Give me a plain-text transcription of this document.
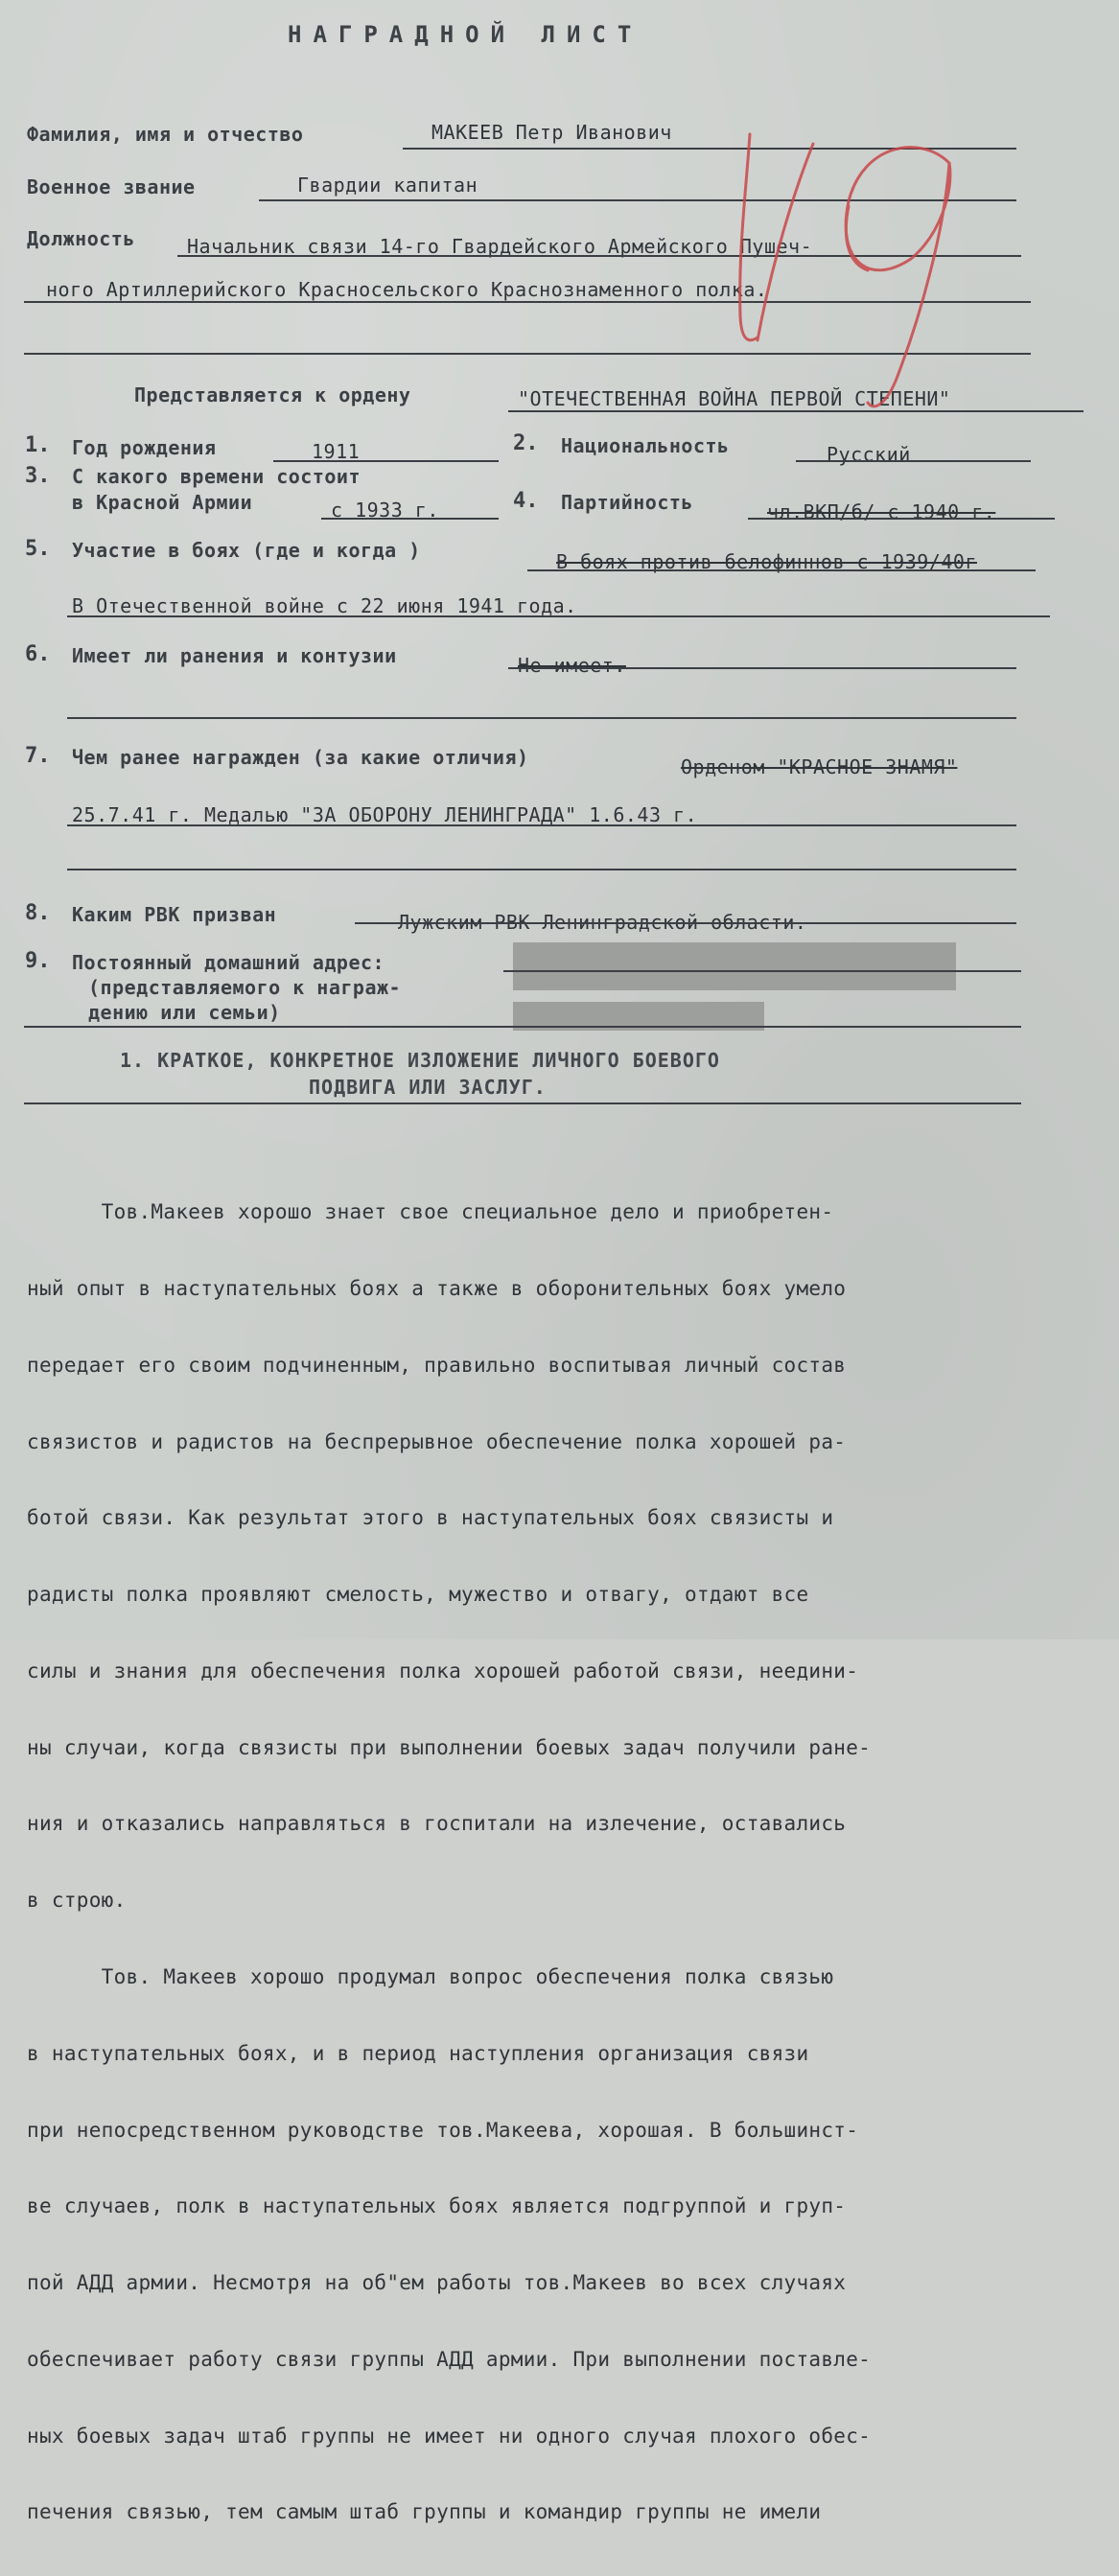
НАГРАДНОЙ ЛИСТ
Фамилия, имя и отчество	МАКЕЕВ Петр Иванович
Военное звание	Гвардии капитан
Должность	Начальник связи 14-го Гвардейского Армейского Пушеч-
ного Артиллерийского Красносельского Краснознаменного полка.
Представляется к ордену	"ОТЕЧЕСТВЕННАЯ ВОЙНА ПЕРВОЙ СТЕПЕНИ"
1. Год рождения	1911	2. Национальность	Русский
3. С какого времени состоит
в Красной Армии	с 1933 г.	4. Партийность	чл.ВКП/б/ с 1940 г.
5. Участие в боях (где и когда )	В боях против белофиннов с 1939/40г
В Отечественной войне с 22 июня 1941 года.
6. Имеет ли ранения и контузии	Не имеет.
7. Чем ранее награжден (за какие отличия)	Орденом "КРАСНОЕ ЗНАМЯ"
25.7.41 г. Медалью "ЗА ОБОРОНУ ЛЕНИНГРАДА" 1.6.43 г.
8. Каким РВК призван	Лужским РВК Ленинградской области.
9. Постоянный домашний адрес:
(представляемого к награж-
дению или семьи)
1. КРАТКОЕ, КОНКРЕТНОЕ ИЗЛОЖЕНИЕ ЛИЧНОГО БОЕВОГО
ПОДВИГА ИЛИ ЗАСЛУГ.

Тов.Макеев хорошо знает свое специальное дело и приобретен-

ный опыт в наступательных боях а также в оборонительных боях умело

передает его своим подчиненным, правильно воспитывая личный состав

связистов и радистов на беспрерывное обеспечение полка хорошей ра-

ботой связи. Как результат этого в наступательных боях связисты и

радисты полка проявляют смелость, мужество и отвагу, отдают все

силы и знания для обеспечения полка хорошей работой связи, неедини-

ны случаи, когда связисты при выполнении боевых задач получили ране-

ния и отказались направляться в госпитали на излечение, оставались

в строю.

Тов. Макеев хорошо продумал вопрос обеспечения полка связью

в наступательных боях, и в период наступления организация связи

при непосредственном руководстве тов.Макеева, хорошая. В большинст-

ве случаев, полк в наступательных боях является подгруппой и груп-

пой АДД армии. Несмотря на об"ем работы тов.Макеев во всех случаях

обеспечивает работу связи группы АДД армии. При выполнении поставле-

ных боевых задач штаб группы не имеет ни одного случая плохого обес-

печения связью, тем самым штаб группы и командир группы не имели
